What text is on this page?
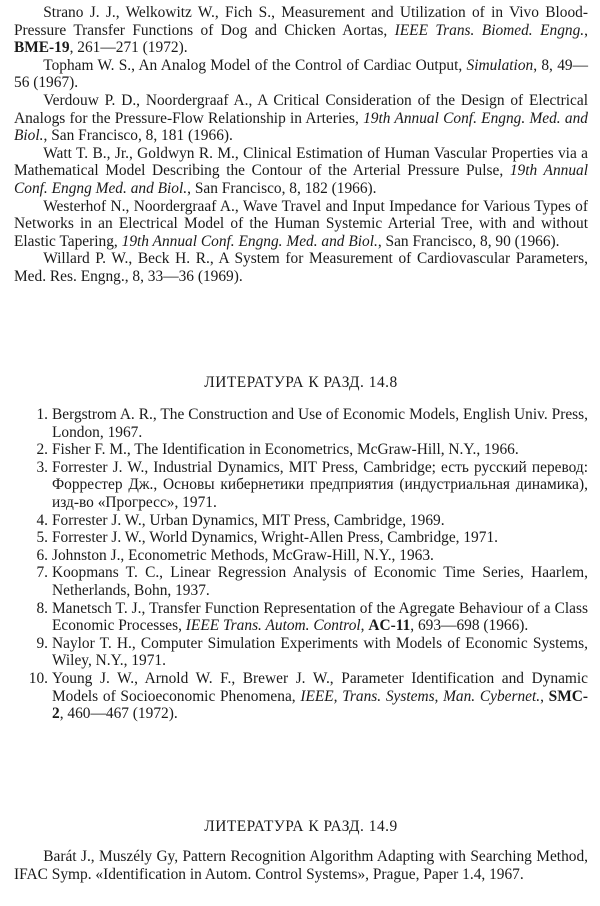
Strano J. J., Welkowitz W., Fich S., Measurement and Utilization of in Vivo Blood-Pressure Transfer Functions of Dog and Chicken Aortas, IEEE Trans. Biomed. Engng., BME-19, 261—271 (1972).

Topham W. S., An Analog Model of the Control of Cardiac Output, Simulation, 8, 49—56 (1967).

Verdouw P. D., Noordergraaf A., A Critical Consideration of the Design of Electrical Analogs for the Pressure-Flow Relationship in Arteries, 19th Annual Conf. Engng. Med. and Biol., San Francisco, 8, 181 (1966).

Watt T. B., Jr., Goldwyn R. M., Clinical Estimation of Human Vascular Properties via a Mathematical Model Describing the Contour of the Arterial Pressure Pulse, 19th Annual Conf. Engng Med. and Biol., San Francisco, 8, 182 (1966).

Westerhof N., Noordergraaf A., Wave Travel and Input Impedance for Various Types of Networks in an Electrical Model of the Human Systemic Arterial Tree, with and without Elastic Tapering, 19th Annual Conf. Engng. Med. and Biol., San Francisco, 8, 90 (1966).

Willard P. W., Beck H. R., A System for Measurement of Cardiovascular Parameters, Med. Res. Engng., 8, 33—36 (1969).

ЛИТЕРАТУРА К РАЗД. 14.8

1. Bergstrom A. R., The Construction and Use of Economic Models, English Univ. Press, London, 1967.

2. Fisher F. M., The Identification in Econometrics, McGraw-Hill, N.Y., 1966.

3. Forrester J. W., Industrial Dynamics, MIT Press, Cambridge; есть русский перевод: Форрестер Дж., Основы кибернетики предприятия (индустриальная динамика), изд-во «Прогресс», 1971.

4. Forrester J. W., Urban Dynamics, MIT Press, Cambridge, 1969.

5. Forrester J. W., World Dynamics, Wright-Allen Press, Cambridge, 1971.

6. Johnston J., Econometric Methods, McGraw-Hill, N.Y., 1963.

7. Koopmans T. C., Linear Regression Analysis of Economic Time Series, Haarlem, Netherlands, Bohn, 1937.

8. Manetsch T. J., Transfer Function Representation of the Agregate Behaviour of a Class Economic Processes, IEEE Trans. Autom. Control, AC-11, 693—698 (1966).

9. Naylor T. H., Computer Simulation Experiments with Models of Economic Systems, Wiley, N.Y., 1971.

10. Young J. W., Arnold W. F., Brewer J. W., Parameter Identification and Dynamic Models of Socioeconomic Phenomena, IEEE, Trans. Systems, Man. Cybernet., SMC-2, 460—467 (1972).

ЛИТЕРАТУРА К РАЗД. 14.9

Barát J., Muszély Gy, Pattern Recognition Algorithm Adapting with Searching Method, IFAC Symp. «Identification in Autom. Control Systems», Prague, Paper 1.4, 1967.
